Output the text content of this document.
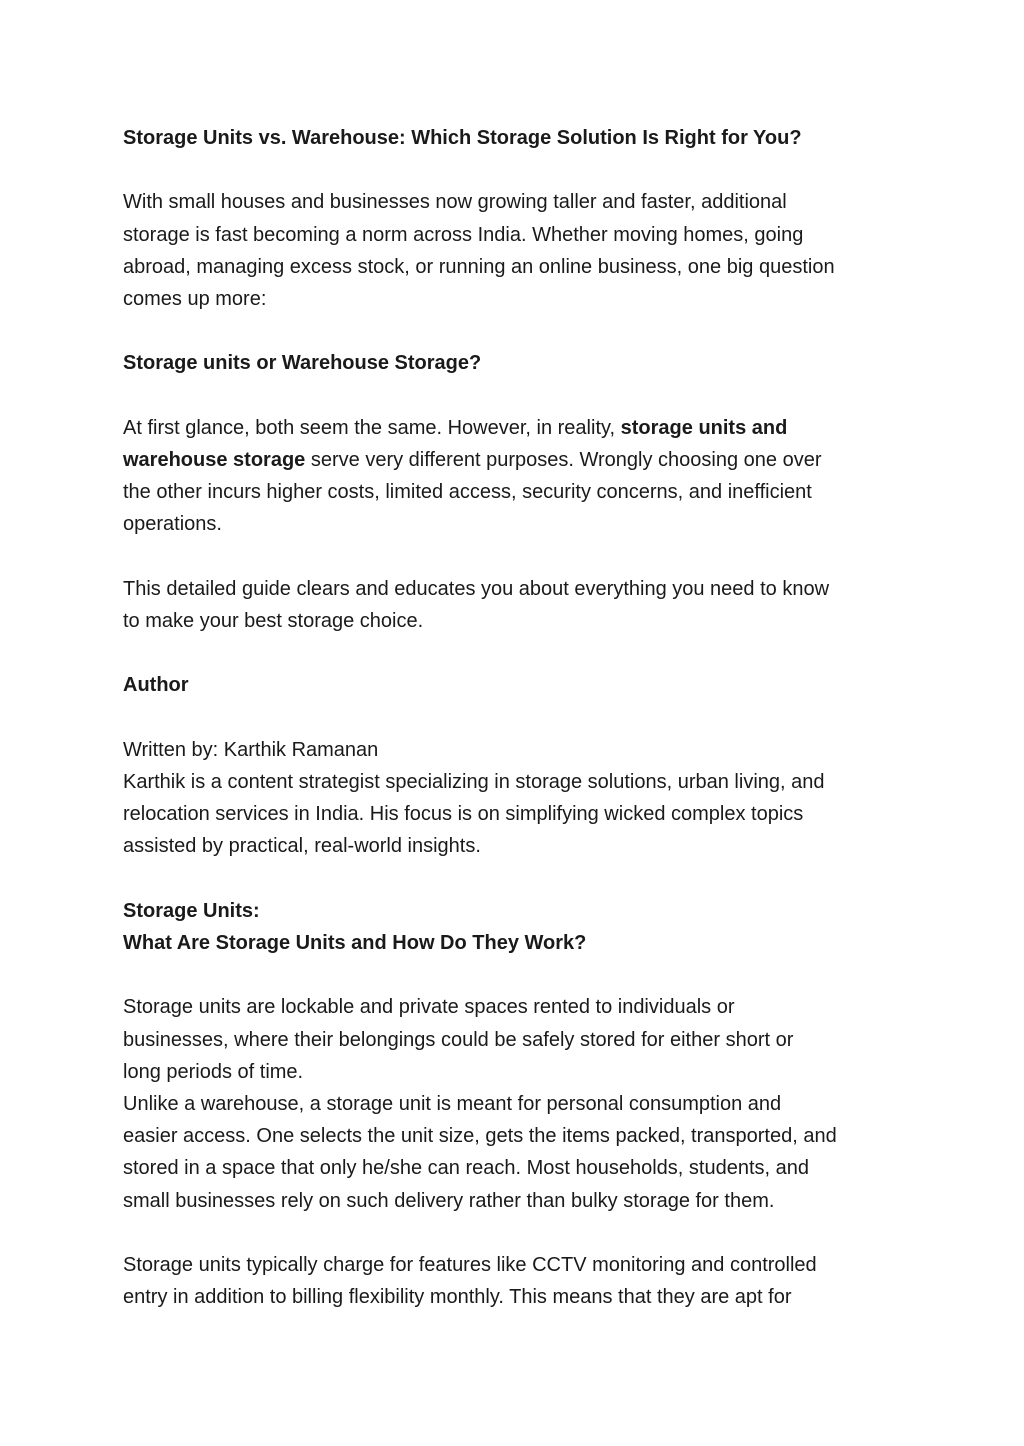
Storage Units vs. Warehouse: Which Storage Solution Is Right for You?
With small houses and businesses now growing taller and faster, additional
storage is fast becoming a norm across India. Whether moving homes, going
abroad, managing excess stock, or running an online business, one big question
comes up more:
Storage units or Warehouse Storage?
At first glance, both seem the same. However, in reality, storage units and
warehouse storage serve very different purposes. Wrongly choosing one over
the other incurs higher costs, limited access, security concerns, and inefficient
operations.
This detailed guide clears and educates you about everything you need to know
to make your best storage choice.
Author
Written by: Karthik Ramanan
Karthik is a content strategist specializing in storage solutions, urban living, and
relocation services in India. His focus is on simplifying wicked complex topics
assisted by practical, real-world insights.
Storage Units:
What Are Storage Units and How Do They Work?
Storage units are lockable and private spaces rented to individuals or
businesses, where their belongings could be safely stored for either short or
long periods of time.
Unlike a warehouse, a storage unit is meant for personal consumption and
easier access. One selects the unit size, gets the items packed, transported, and
stored in a space that only he/she can reach. Most households, students, and
small businesses rely on such delivery rather than bulky storage for them.
Storage units typically charge for features like CCTV monitoring and controlled
entry in addition to billing flexibility monthly. This means that they are apt for
